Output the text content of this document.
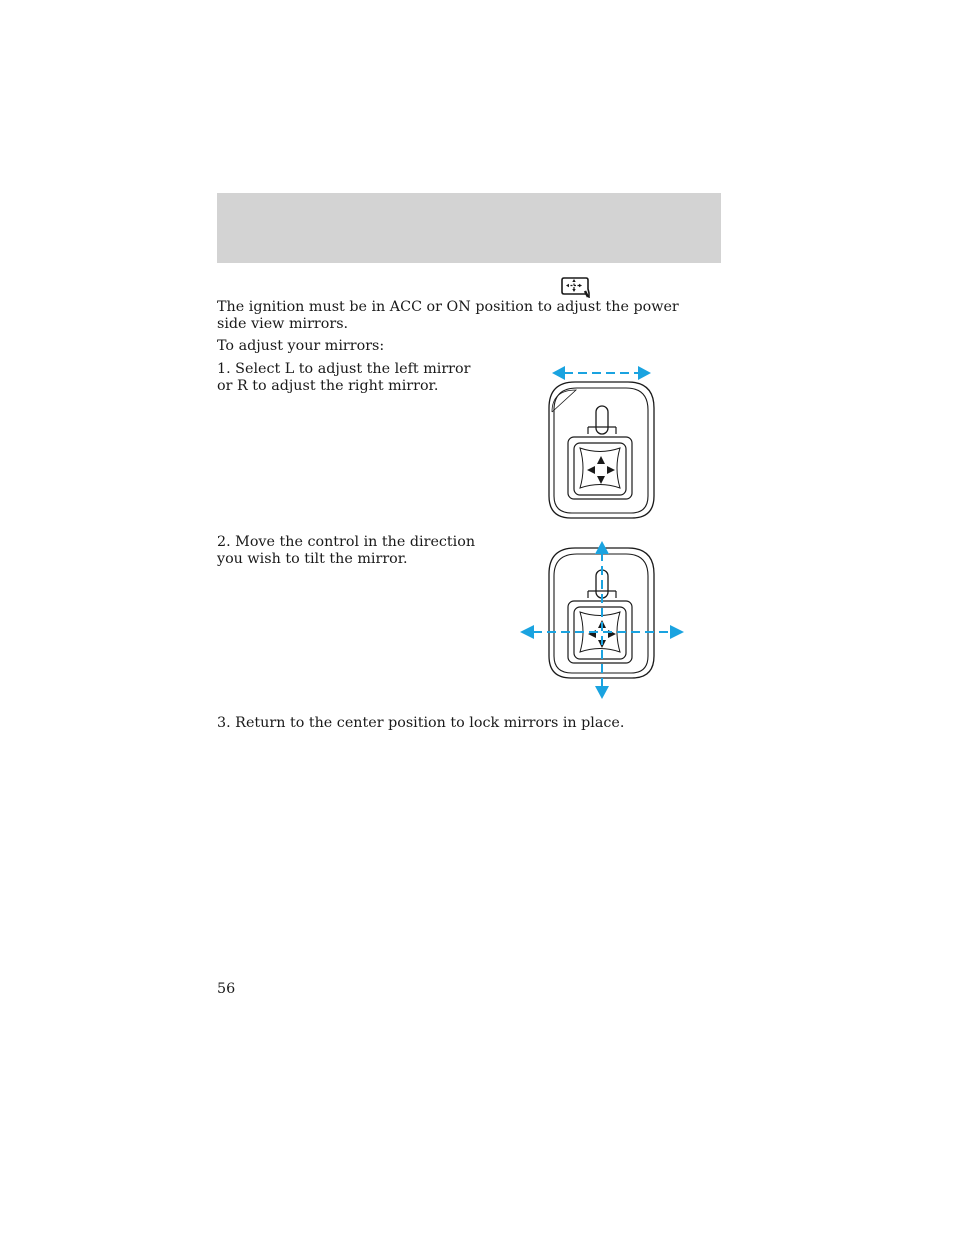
The ignition must be in ACC or ON position to adjust the power side view mirrors.

To adjust your mirrors:

1. Select L to adjust the left mirror or R to adjust the right mirror.

2. Move the control in the direction you wish to tilt the mirror.

3. Return to the center position to lock mirrors in place.

56
